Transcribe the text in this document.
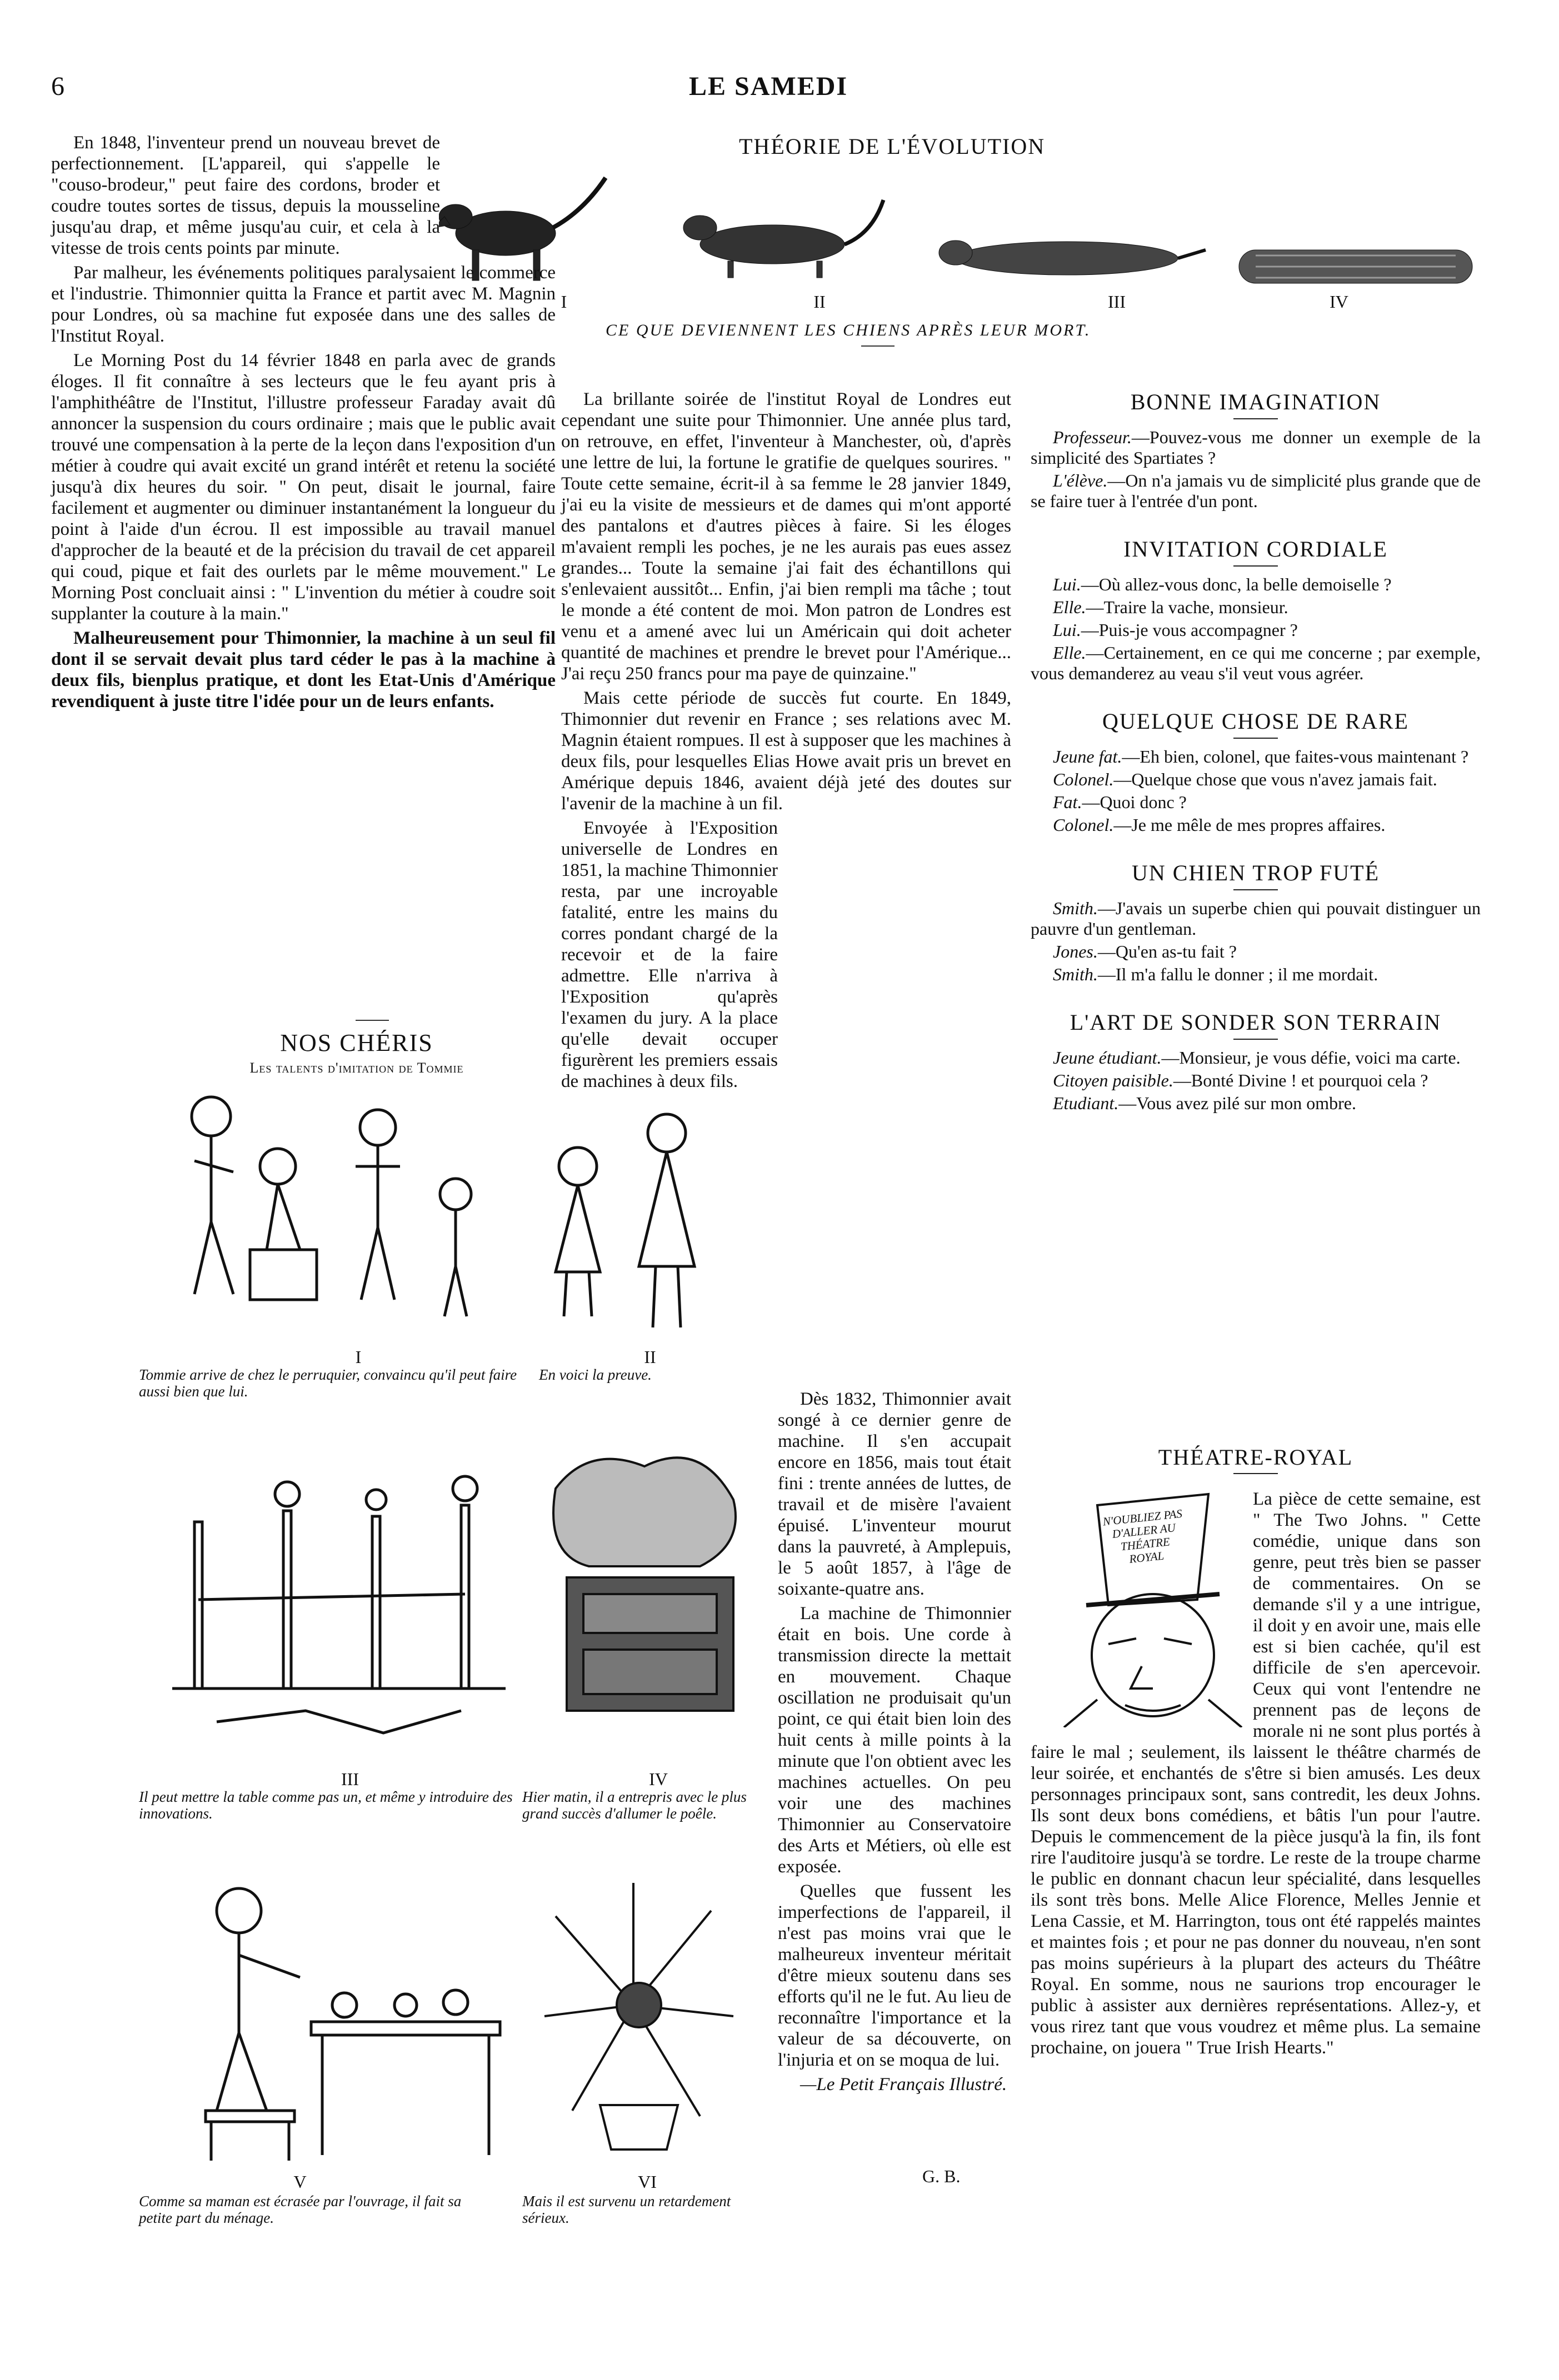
6	LE SAMEDI
THÉORIE DE L'ÉVOLUTION
I	II	III	IV
CE QUE DEVIENNENT LES CHIENS APRÈS LEUR MORT.

En 1848, l'inventeur prend un nouveau brevet de perfectionnement. [L'appareil, qui s'appelle le "couso-brodeur," peut faire des cordons, broder et coudre toutes sortes de tissus, depuis la mousseline jusqu'au drap, et même jusqu'au cuir, et cela à la vitesse de trois cents points par minute.

Par malheur, les événements politiques paralysaient le commerce et l'industrie. Thimonnier quitta la France et partit avec M. Magnin pour Londres, où sa machine fut exposée dans une des salles de l'Institut Royal.

Le Morning Post du 14 février 1848 en parla avec de grands éloges. Il fit connaître à ses lecteurs que le feu ayant pris à l'amphithéâtre de l'Institut, l'illustre professeur Faraday avait dû annoncer la suspension du cours ordinaire ; mais que le public avait trouvé une compensation à la perte de la leçon dans l'exposition d'un métier à coudre qui avait excité un grand intérêt et retenu la société jusqu'à dix heures du soir. " On peut, disait le journal, faire facilement et augmenter ou diminuer instantanément la longueur du point à l'aide d'un écrou. Il est impossible au travail manuel d'approcher de la beauté et de la précision du travail de cet appareil qui coud, pique et fait des ourlets par le même mouvement." Le Morning Post concluait ainsi : " L'invention du métier à coudre soit supplanter la couture à la main."

Malheureusement pour Thimonnier, la machine à un seul fil dont il se servait devait plus tard céder le pas à la machine à deux fils, bienplus pratique, et dont les Etat-Unis d'Amérique revendiquent à juste titre l'idée pour un de leurs enfants.

NOS CHÉRIS
Les talents d'imitation de Tommie
I	II
Tommie arrive de chez le perruquier, convaincu qu'il peut faire aussi bien que lui.
En voici la preuve.
III	IV
Il peut mettre la table comme pas un, et même y introduire des innovations.
Hier matin, il a entrepris avec le plus grand succès d'allumer le poêle.
V	VI
Comme sa maman est écrasée par l'ouvrage, il fait sa petite part du ménage.
Mais il est survenu un retardement sérieux.

La brillante soirée de l'institut Royal de Londres eut cependant une suite pour Thimonnier. Une année plus tard, on retrouve, en effet, l'inventeur à Manchester, où, d'après une lettre de lui, la fortune le gratifie de quelques sourires. " Toute cette semaine, écrit-il à sa femme le 28 janvier 1849, j'ai eu la visite de messieurs et de dames qui m'ont apporté des pantalons et d'autres pièces à faire. Si les éloges m'avaient rempli les poches, je ne les aurais pas eues assez grandes... Toute la semaine j'ai fait des échantillons qui s'enlevaient aussitôt... Enfin, j'ai bien rempli ma tâche ; tout le monde a été content de moi. Mon patron de Londres est venu et a amené avec lui un Américain qui doit acheter quantité de machines et prendre le brevet pour l'Amérique... J'ai reçu 250 francs pour ma paye de quinzaine."

Mais cette période de succès fut courte. En 1849, Thimonnier dut revenir en France ; ses relations avec M. Magnin étaient rompues. Il est à supposer que les machines à deux fils, pour lesquelles Elias Howe avait pris un brevet en Amérique depuis 1846, avaient déjà jeté des doutes sur l'avenir de la machine à un fil.

Envoyée à l'Exposition universelle de Londres en 1851, la machine Thimonnier resta, par une incroyable fatalité, entre les mains du corres pondant chargé de la recevoir et de la faire admettre. Elle n'arriva à l'Exposition qu'après l'examen du jury. A la place qu'elle devait occuper figurèrent les premiers essais de machines à deux fils.

Dès 1832, Thimonnier avait songé à ce dernier genre de machine. Il s'en accupait encore en 1856, mais tout était fini : trente années de luttes, de travail et de misère l'avaient épuisé. L'inventeur mourut dans la pauvreté, à Amplepuis, le 5 août 1857, à l'âge de soixante-quatre ans.

La machine de Thimonnier était en bois. Une corde à transmission directe la mettait en mouvement. Chaque oscillation ne produisait qu'un point, ce qui était bien loin des huit cents à mille points à la minute que l'on obtient avec les machines actuelles. On peu voir une des machines Thimonnier au Conservatoire des Arts et Métiers, où elle est exposée.

Quelles que fussent les imperfections de l'appareil, il n'est pas moins vrai que le malheureux inventeur méritait d'être mieux soutenu dans ses efforts qu'il ne le fut. Au lieu de reconnaître l'importance et la valeur de sa découverte, on l'injuria et on se moqua de lui.

—Le Petit Français Illustré.

G. B.
BONNE IMAGINATION

Professeur.—Pouvez-vous me donner un exemple de la simplicité des Spartiates ?

L'élève.—On n'a jamais vu de simplicité plus grande que de se faire tuer à l'entrée d'un pont.

INVITATION CORDIALE

Lui.—Où allez-vous donc, la belle demoiselle ?

Elle.—Traire la vache, monsieur.

Lui.—Puis-je vous accompagner ?

Elle.—Certainement, en ce qui me concerne ; par exemple, vous demanderez au veau s'il veut vous agréer.

QUELQUE CHOSE DE RARE

Jeune fat.—Eh bien, colonel, que faites-vous maintenant ?

Colonel.—Quelque chose que vous n'avez jamais fait.

Fat.—Quoi donc ?

Colonel.—Je me mêle de mes propres affaires.

UN CHIEN TROP FUTÉ

Smith.—J'avais un superbe chien qui pouvait distinguer un pauvre d'un gentleman.

Jones.—Qu'en as-tu fait ?

Smith.—Il m'a fallu le donner ; il me mordait.

L'ART DE SONDER SON TERRAIN

Jeune étudiant.—Monsieur, je vous défie, voici ma carte.

Citoyen paisible.—Bonté Divine ! et pourquoi cela ?

Etudiant.—Vous avez pilé sur mon ombre.

THÉATRE-ROYAL
N'OUBLIEZ PAS D'ALLER AU THÉATRE ROYAL

La pièce de cette semaine, est " The Two Johns. " Cette comédie, unique dans son genre, peut très bien se passer de commentaires. On se demande s'il y a une intrigue, il doit y en avoir une, mais elle est si bien cachée, qu'il est difficile de s'en apercevoir. Ceux qui vont l'entendre ne prennent pas de leçons de morale ni ne sont plus portés à faire le mal ; seulement, ils laissent le théâtre charmés de leur soirée, et enchantés de s'être si bien amusés. Les deux personnages principaux sont, sans contredit, les deux Johns. Ils sont deux bons comédiens, et bâtis l'un pour l'autre. Depuis le commencement de la pièce jusqu'à la fin, ils font rire l'auditoire jusqu'à se tordre. Le reste de la troupe charme le public en donnant chacun leur spécialité, dans lesquelles ils sont très bons. Melle Alice Florence, Melles Jennie et Lena Cassie, et M. Harrington, tous ont été rappelés maintes et maintes fois ; et pour ne pas donner du nouveau, n'en sont pas moins supérieurs à la plupart des acteurs du Théâtre Royal. En somme, nous ne saurions trop encourager le public à assister aux dernières représentations. Allez-y, et vous rirez tant que vous voudrez et même plus. La semaine prochaine, on jouera " True Irish Hearts."
